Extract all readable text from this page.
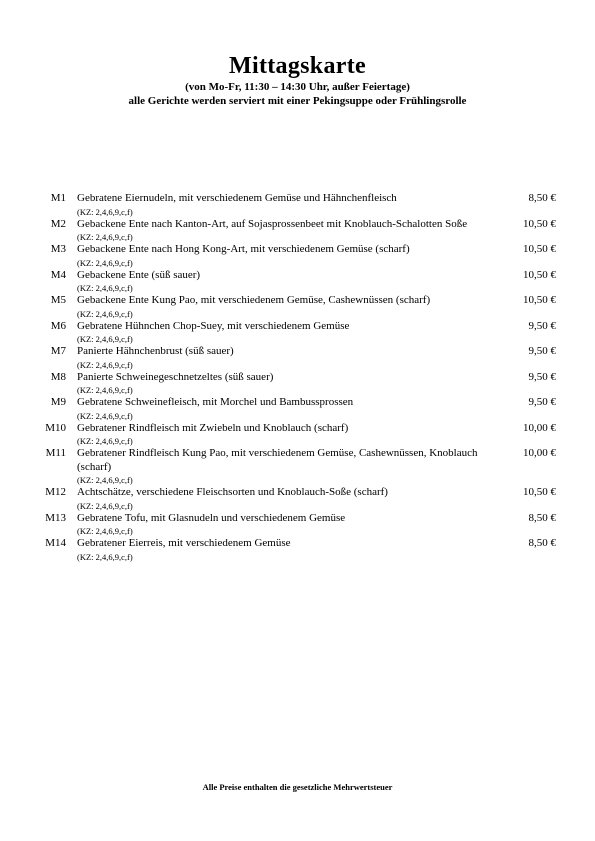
Mittagskarte
(von Mo-Fr, 11:30 – 14:30 Uhr, außer Feiertage)
alle Gerichte werden serviert mit einer Pekingsuppe oder Frühlingsrolle
M1 Gebratene Eiernudeln, mit verschiedenem Gemüse und Hähnchenfleisch
(KZ: 2,4,6,9,c,f)
8,50 €
M2 Gebackene Ente nach Kanton-Art, auf Sojasprossenbeet mit Knoblauch-Schalotten Soße
(KZ: 2,4,6,9,c,f)
10,50 €
M3 Gebackene Ente nach Hong Kong-Art, mit verschiedenem Gemüse (scharf)
(KZ: 2,4,6,9,c,f)
10,50 €
M4 Gebackene Ente (süß sauer)
(KZ: 2,4,6,9,c,f)
10,50 €
M5 Gebackene Ente Kung Pao, mit verschiedenem Gemüse, Cashewnüssen (scharf)
(KZ: 2,4,6,9,c,f)
10,50 €
M6 Gebratene Hühnchen Chop-Suey, mit verschiedenem Gemüse
(KZ: 2,4,6,9,c,f)
9,50 €
M7 Panierte Hähnchenbrust (süß sauer)
(KZ: 2,4,6,9,c,f)
9,50 €
M8 Panierte Schweinegeschnetzeltes (süß sauer)
(KZ: 2,4,6,9,c,f)
9,50 €
M9 Gebratene Schweinefleisch, mit Morchel und Bambussprossen
(KZ: 2,4,6,9,c,f)
9,50 €
M10 Gebratener Rindfleisch mit Zwiebeln und Knoblauch (scharf)
(KZ: 2,4,6,9,c,f)
10,00 €
M11 Gebratener Rindfleisch Kung Pao, mit verschiedenem Gemüse, Cashewnüssen, Knoblauch (scharf)
(KZ: 2,4,6,9,c,f)
10,00 €
M12 Achtschätze, verschiedene Fleischsorten und Knoblauch-Soße (scharf)
(KZ: 2,4,6,9,c,f)
10,50 €
M13 Gebratene Tofu, mit Glasnudeln und verschiedenem Gemüse
(KZ: 2,4,6,9,c,f)
8,50 €
M14 Gebratener Eierreis, mit verschiedenem Gemüse
(KZ: 2,4,6,9,c,f)
8,50 €
Alle Preise enthalten die gesetzliche Mehrwertsteuer
